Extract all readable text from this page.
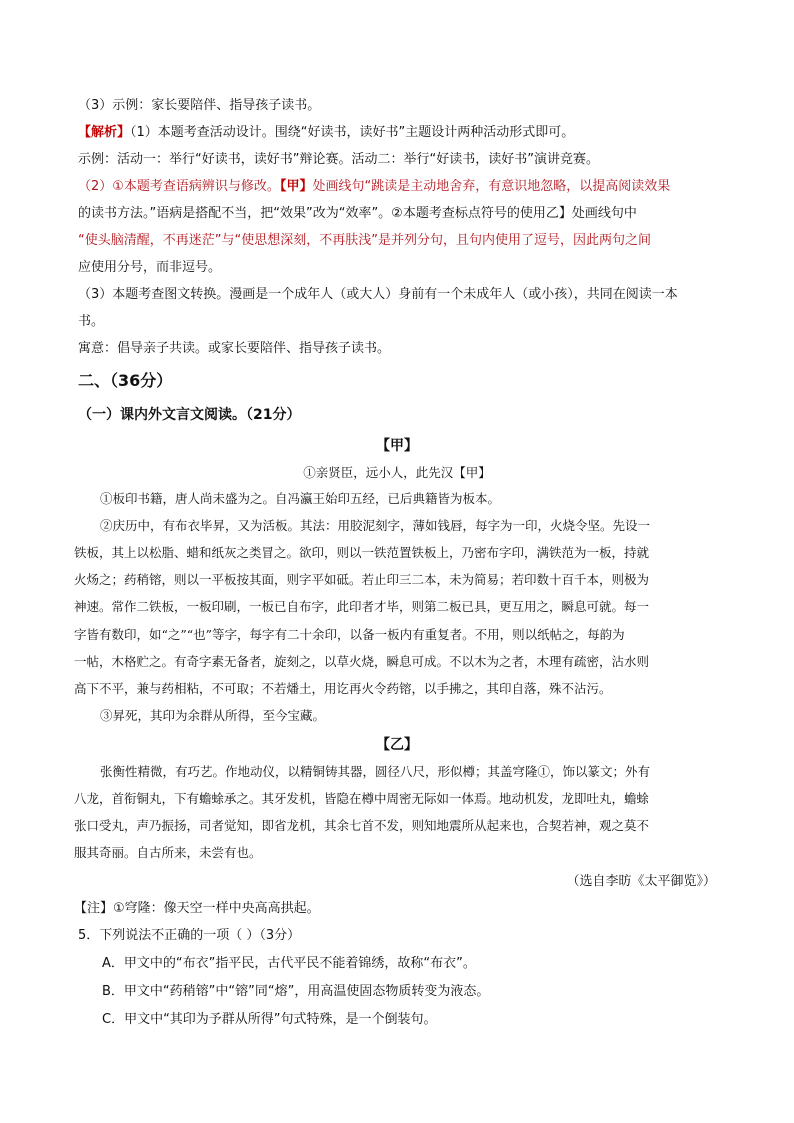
（3）示例：家长要陪伴、指导孩子读书。
【解析】（1）本题考查活动设计。围绕“好读书，读好书”主题设计两种活动形式即可。
示例：活动一：举行“好读书，读好书”辩论赛。活动二：举行“好读书，读好书”演讲竞赛。
（2）①本题考查语病辨识与修改。【甲】处画线句“跳读是主动地舍弃，有意识地忽略，以提高阅读效果
的读书方法。”语病是搭配不当，把“效果”改为“效率”。②本题考查标点符号的使用乙】处画线句中
“使头脑清醒，不再迷茫”与“使思想深刻，不再肤浅”是并列分句，且句内使用了逗号，因此两句之间
应使用分号，而非逗号。
（3）本题考查图文转换。漫画是一个成年人（或大人）身前有一个未成年人（或小孩），共同在阅读一本
书。
寓意：倡导亲子共读。或家长要陪伴、指导孩子读书。
二、（36分）
（一）课内外文言文阅读。（21分）
【甲】
①亲贤臣，远小人，此先汉【甲】
①板印书籍，唐人尚未盛为之。自冯瀛王始印五经，已后典籍皆为板本。
②庆历中，有布衣毕昇，又为活板。其法：用胶泥刻字，薄如钱唇，每字为一印，火烧令坚。先设一
铁板，其上以松脂、蜡和纸灰之类冒之。欲印，则以一铁范置铁板上，乃密布字印，满铁范为一板，持就
火炀之；药稍镕，则以一平板按其面，则字平如砥。若止印三二本，未为简易；若印数十百千本，则极为
神速。常作二铁板，一板印刷，一板已自布字，此印者才毕，则第二板已具，更互用之，瞬息可就。每一
字皆有数印，如“之”“也”等字，每字有二十余印，以备一板内有重复者。不用，则以纸帖之，每韵为
一帖，木格贮之。有奇字素无备者，旋刻之，以草火烧，瞬息可成。不以木为之者，木理有疏密，沾水则
高下不平，兼与药相粘，不可取；不若燔土，用讫再火令药镕，以手拂之，其印自落，殊不沾污。
③昇死，其印为余群从所得，至今宝藏。
【乙】
张衡性精微，有巧艺。作地动仪，以精铜铸其器，圆径八尺，形似樽；其盖穹隆①，饰以篆文；外有
八龙，首衔铜丸，下有蟾蜍承之。其牙发机，皆隐在樽中周密无际如一体焉。地动机发，龙即吐丸，蟾蜍
张口受丸，声乃振扬，司者觉知，即省龙机，其余七首不发，则知地震所从起来也，合契若神，观之莫不
服其奇丽。自古所来，未尝有也。
（选自李昉《太平御览》）
【注】①穹隆：像天空一样中央高高拱起。
5．下列说法不正确的一项（ ）（3分）
A．甲文中的“布衣”指平民，古代平民不能着锦绣，故称“布衣”。
B．甲文中“药稍镕”中“镕”同“熔”，用高温使固态物质转变为液态。
C．甲文中“其印为予群从所得”句式特殊，是一个倒装句。
